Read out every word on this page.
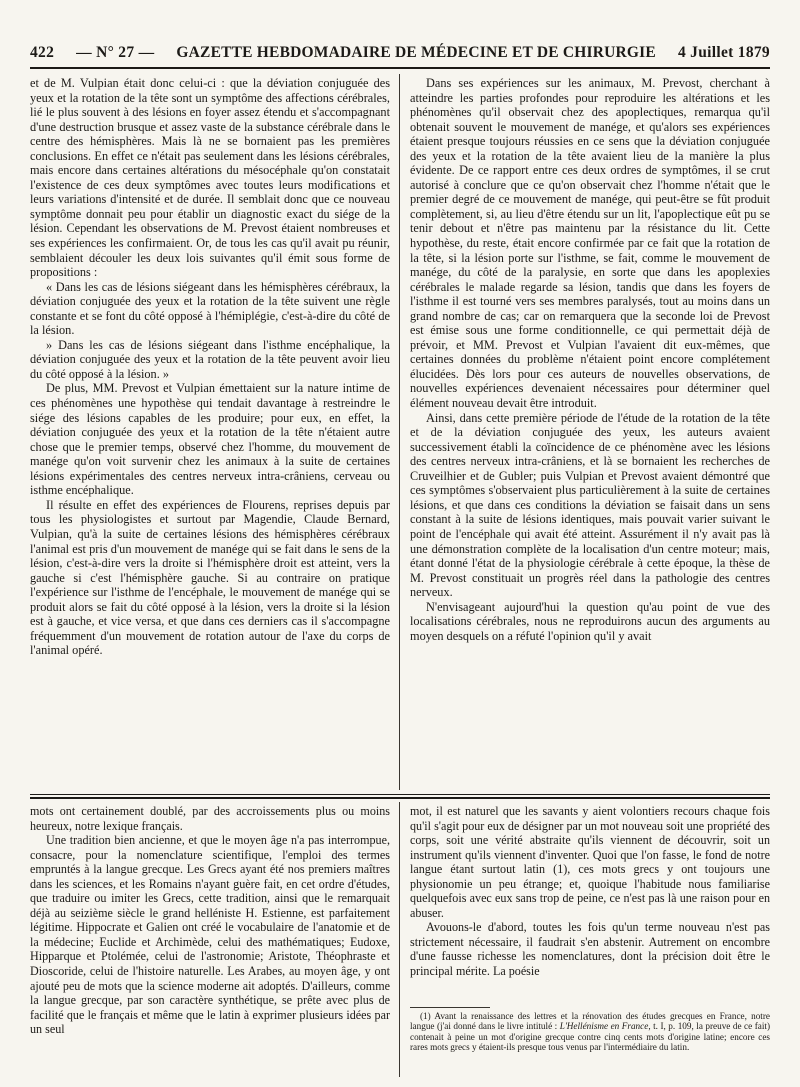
422 — N° 27 — GAZETTE HEBDOMADAIRE DE MÉDECINE ET DE CHIRURGIE 4 Juillet 1879

et de M. Vulpian était donc celui-ci : que la déviation conjuguée des yeux et la rotation de la tête sont un symptôme des affections cérébrales, lié le plus souvent à des lésions en foyer assez étendu et s'accompagnant d'une destruction brusque et assez vaste de la substance cérébrale dans le centre des hémisphères. Mais là ne se bornaient pas les premières conclusions. En effet ce n'était pas seulement dans les lésions cérébrales, mais encore dans certaines altérations du mésocéphale qu'on constatait l'existence de ces deux symptômes avec toutes leurs modifications et leurs variations d'intensité et de durée. Il semblait donc que ce nouveau symptôme donnait peu pour établir un diagnostic exact du siége de la lésion. Cependant les observations de M. Prevost étaient nombreuses et ses expériences les confirmaient. Or, de tous les cas qu'il avait pu réunir, semblaient découler les deux lois suivantes qu'il émit sous forme de propositions :

« Dans les cas de lésions siégeant dans les hémisphères cérébraux, la déviation conjuguée des yeux et la rotation de la tête suivent une règle constante et se font du côté opposé à l'hémiplégie, c'est-à-dire du côté de la lésion.

» Dans les cas de lésions siégeant dans l'isthme encéphalique, la déviation conjuguée des yeux et la rotation de la tête peuvent avoir lieu du côté opposé à la lésion. »

De plus, MM. Prevost et Vulpian émettaient sur la nature intime de ces phénomènes une hypothèse qui tendait davantage à restreindre le siége des lésions capables de les produire; pour eux, en effet, la déviation conjuguée des yeux et la rotation de la tête n'étaient autre chose que le premier temps, observé chez l'homme, du mouvement de manége qu'on voit survenir chez les animaux à la suite de certaines lésions expérimentales des centres nerveux intra-crâniens, cerveau ou isthme encéphalique.

Il résulte en effet des expériences de Flourens, reprises depuis par tous les physiologistes et surtout par Magendie, Claude Bernard, Vulpian, qu'à la suite de certaines lésions des hémisphères cérébraux l'animal est pris d'un mouvement de manége qui se fait dans le sens de la lésion, c'est-à-dire vers la droite si l'hémisphère droit est atteint, vers la gauche si c'est l'hémisphère gauche. Si au contraire on pratique l'expérience sur l'isthme de l'encéphale, le mouvement de manége qui se produit alors se fait du côté opposé à la lésion, vers la droite si la lésion est à gauche, et vice versa, et que dans ces derniers cas il s'accompagne fréquemment d'un mouvement de rotation autour de l'axe du corps de l'animal opéré.

Dans ses expériences sur les animaux, M. Prevost, cherchant à atteindre les parties profondes pour reproduire les altérations et les phénomènes qu'il observait chez des apoplectiques, remarqua qu'il obtenait souvent le mouvement de manége, et qu'alors ses expériences étaient presque toujours réussies en ce sens que la déviation conjuguée des yeux et la rotation de la tête avaient lieu de la manière la plus évidente. De ce rapport entre ces deux ordres de symptômes, il se crut autorisé à conclure que ce qu'on observait chez l'homme n'était que le premier degré de ce mouvement de manége, qui peut-être se fût produit complètement, si, au lieu d'être étendu sur un lit, l'apoplectique eût pu se tenir debout et n'être pas maintenu par la résistance du lit. Cette hypothèse, du reste, était encore confirmée par ce fait que la rotation de la tête, si la lésion porte sur l'isthme, se fait, comme le mouvement de manége, du côté de la paralysie, en sorte que dans les apoplexies cérébrales le malade regarde sa lésion, tandis que dans les foyers de l'isthme il est tourné vers ses membres paralysés, tout au moins dans un grand nombre de cas; car on remarquera que la seconde loi de Prevost est émise sous une forme conditionnelle, ce qui permettait déjà de prévoir, et MM. Prevost et Vulpian l'avaient dit eux-mêmes, que certaines données du problème n'étaient point encore complétement élucidées. Dès lors pour ces auteurs de nouvelles observations, de nouvelles expériences devenaient nécessaires pour déterminer quel élément nouveau devait être introduit.

Ainsi, dans cette première période de l'étude de la rotation de la tête et de la déviation conjuguée des yeux, les auteurs avaient successivement établi la coïncidence de ce phénomène avec les lésions des centres nerveux intra-crâniens, et là se bornaient les recherches de Cruveilhier et de Gubler; puis Vulpian et Prevost avaient démontré que ces symptômes s'observaient plus particulièrement à la suite de certaines lésions, et que dans ces conditions la déviation se faisait dans un sens constant à la suite de lésions identiques, mais pouvait varier suivant le point de l'encéphale qui avait été atteint. Assurément il n'y avait pas là une démonstration complète de la localisation d'un centre moteur; mais, étant donné l'état de la physiologie cérébrale à cette époque, la thèse de M. Prevost constituait un progrès réel dans la pathologie des centres nerveux.

N'envisageant aujourd'hui la question qu'au point de vue des localisations cérébrales, nous ne reproduirons aucun des arguments au moyen desquels on a réfuté l'opinion qu'il y avait

mots ont certainement doublé, par des accroissements plus ou moins heureux, notre lexique français.

Une tradition bien ancienne, et que le moyen âge n'a pas interrompue, consacre, pour la nomenclature scientifique, l'emploi des termes empruntés à la langue grecque. Les Grecs ayant été nos premiers maîtres dans les sciences, et les Romains n'ayant guère fait, en cet ordre d'études, que traduire ou imiter les Grecs, cette tradition, ainsi que le remarquait déjà au seizième siècle le grand helléniste H. Estienne, est parfaitement légitime. Hippocrate et Galien ont créé le vocabulaire de l'anatomie et de la médecine; Euclide et Archimède, celui des mathématiques; Eudoxe, Hipparque et Ptolémée, celui de l'astronomie; Aristote, Théophraste et Dioscoride, celui de l'histoire naturelle. Les Arabes, au moyen âge, y ont ajouté peu de mots que la science moderne ait adoptés. D'ailleurs, comme la langue grecque, par son caractère synthétique, se prête avec plus de facilité que le français et même que le latin à exprimer plusieurs idées par un seul

mot, il est naturel que les savants y aient volontiers recours chaque fois qu'il s'agit pour eux de désigner par un mot nouveau soit une propriété des corps, soit une vérité abstraite qu'ils viennent de découvrir, soit un instrument qu'ils viennent d'inventer. Quoi que l'on fasse, le fond de notre langue étant surtout latin (1), ces mots grecs y ont toujours une physionomie un peu étrange; et, quoique l'habitude nous familiarise quelquefois avec eux sans trop de peine, ce n'est pas là une raison pour en abuser.

Avouons-le d'abord, toutes les fois qu'un terme nouveau n'est pas strictement nécessaire, il faudrait s'en abstenir. Autrement on encombre d'une fausse richesse les nomenclatures, dont la précision doit être le principal mérite. La poésie

(1) Avant la renaissance des lettres et la rénovation des études grecques en France, notre langue (j'ai donné dans le livre intitulé : L'Hellénisme en France, t. I, p. 109, la preuve de ce fait) contenait à peine un mot d'origine grecque contre cinq cents mots d'origine latine; encore ces rares mots grecs y étaient-ils presque tous venus par l'intermédiaire du latin.
